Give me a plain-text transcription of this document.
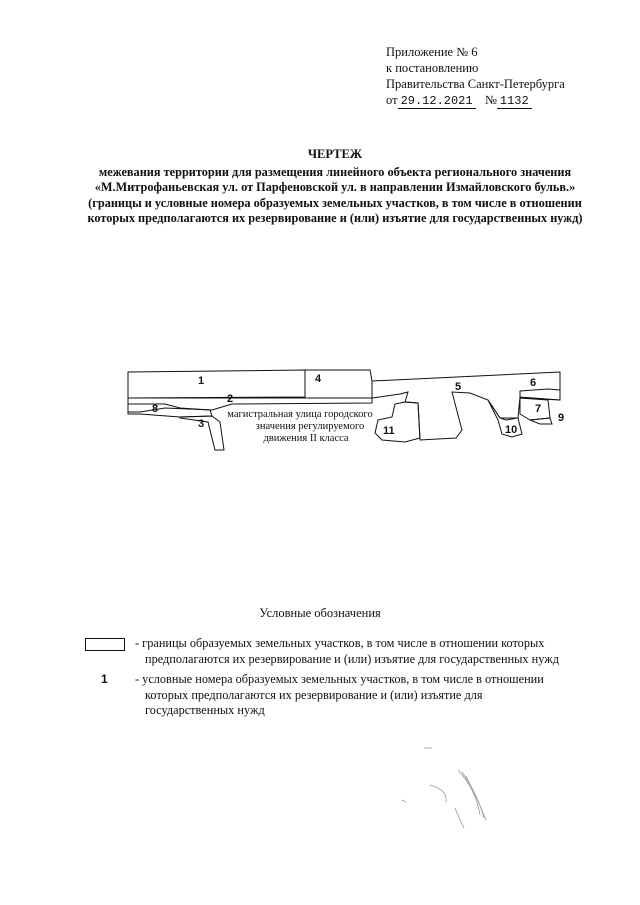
Приложение № 6
к постановлению
Правительства Санкт-Петербурга
от 29.12.2021 № 1132
ЧЕРТЕЖ
межевания территории для размещения линейного объекта регионального значения
«М.Митрофаньевская ул. от Парфеновской ул. в направлении Измайловского бульв.»
(границы и условные номера образуемых земельных участков, в том числе в отношении
которых предполагаются их резервирование и (или) изъятие для государственных нужд)
1
2
3
4
5	6
7
8
9
10
11
магистральная улица городского
значения регулируемого
движения II класса
Условные обозначения
- границы образуемых земельных участков, в том числе в отношении которых
предполагаются их резервирование и (или) изъятие для государственных нужд
1 - условные номера образуемых земельных участков, в том числе в отношении
которых предполагаются их резервирование и (или) изъятие для
государственных нужд
